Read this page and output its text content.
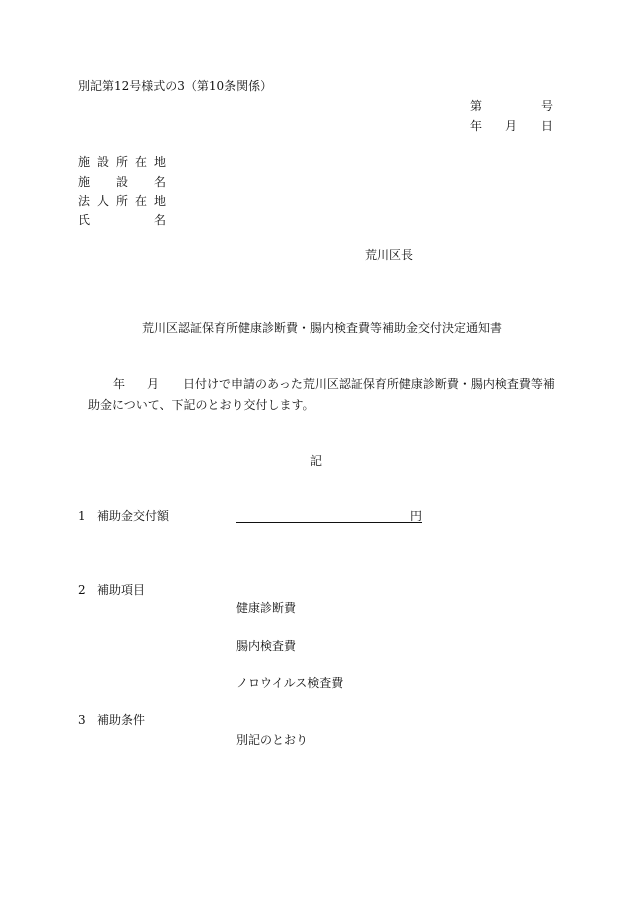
別記第12号様式の3（第10条関係）
第	号
年 月 日
施 設 所 在 地
施 設 名
法 人 所 在 地
氏	名
荒川区長
荒川区認証保育所健康診断費・腸内検査費等補助金交付決定通知書
年 月 日付けで申請のあった荒川区認証保育所健康診断費・腸内検査費等補
助金について、下記のとおり交付します。
記
1 補助金交付額	円
2 補助項目
健康診断費
腸内検査費
ノロウイルス検査費
3 補助条件
別記のとおり
